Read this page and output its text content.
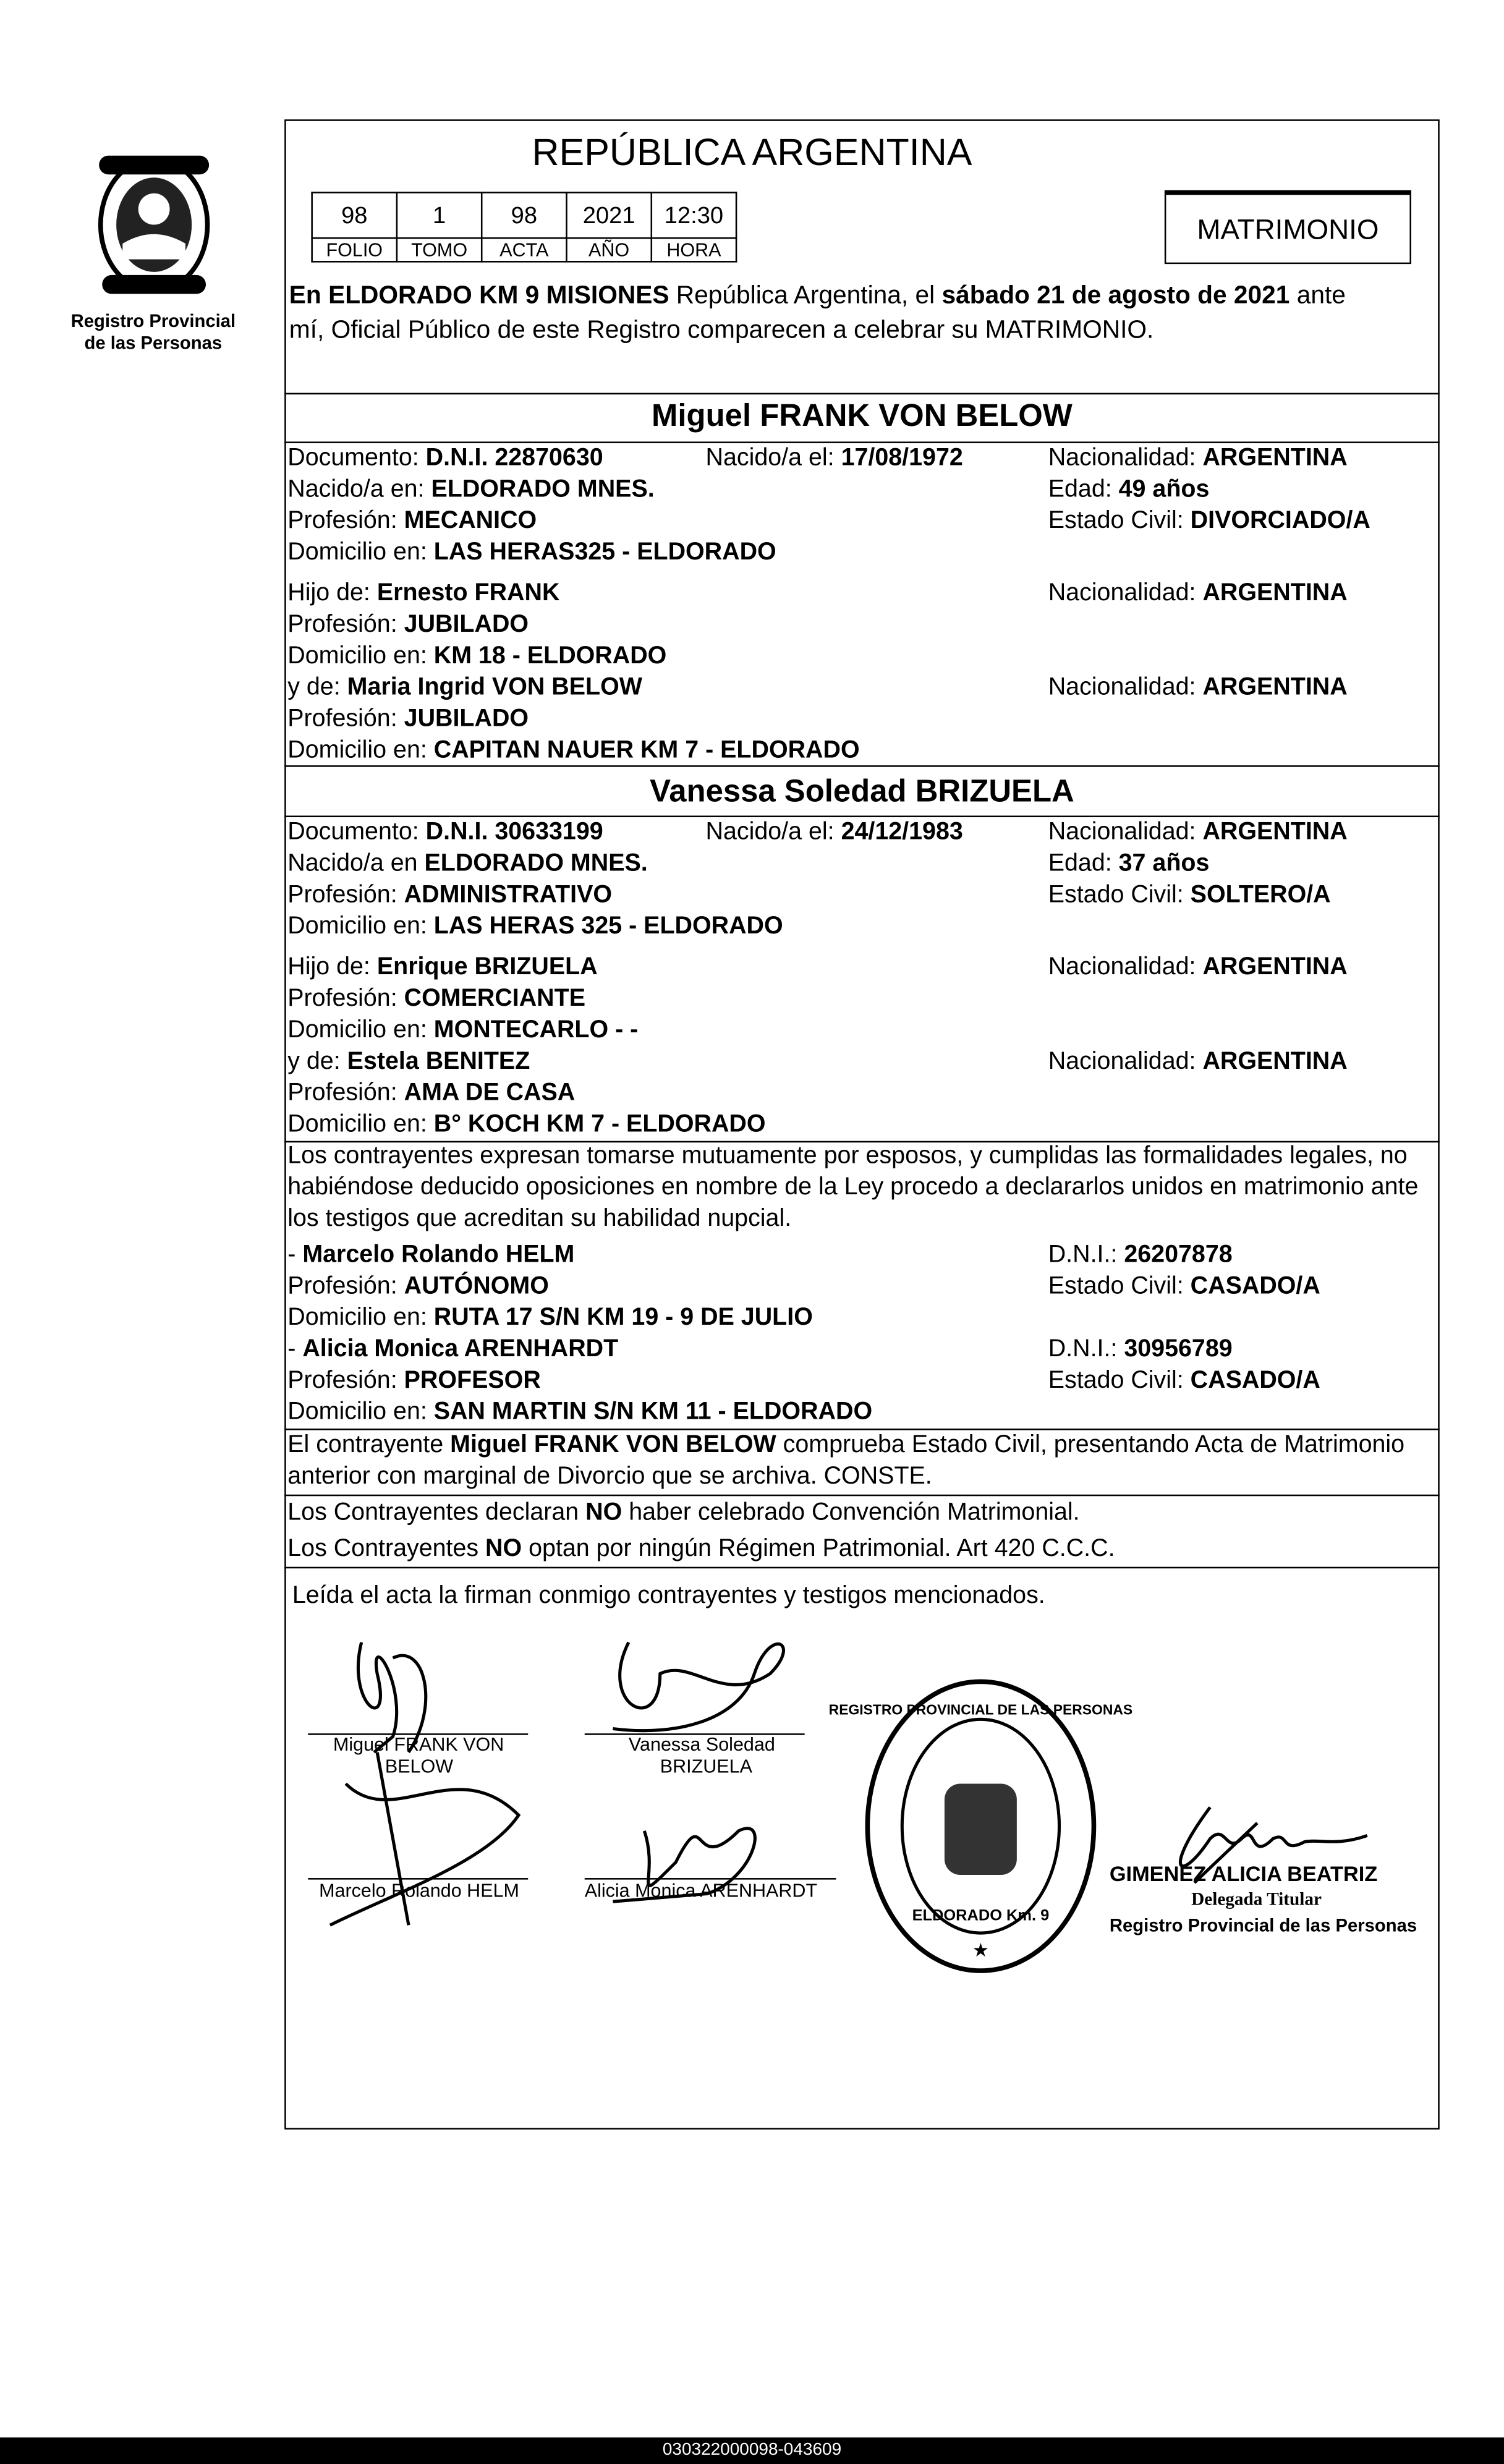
Registro Provincial
de las Personas
REPÚBLICA ARGENTINA
98	1	98	2021	12:30
FOLIO	TOMO	ACTA	AÑO	HORA
MATRIMONIO
En ELDORADO KM 9 MISIONES República Argentina, el sábado 21 de agosto de 2021 ante
mí, Oficial Público de este Registro comparecen a celebrar su MATRIMONIO.
Miguel FRANK VON BELOW
Documento: D.N.I. 22870630	Nacido/a el: 17/08/1972	Nacionalidad: ARGENTINA
Nacido/a en: ELDORADO MNES.	Edad: 49 años
Profesión: MECANICO	Estado Civil: DIVORCIADO/A
Domicilio en: LAS HERAS325 - ELDORADO
Hijo de: Ernesto FRANK	Nacionalidad: ARGENTINA
Profesión: JUBILADO
Domicilio en: KM 18 - ELDORADO
y de: Maria Ingrid VON BELOW	Nacionalidad: ARGENTINA
Profesión: JUBILADO
Domicilio en: CAPITAN NAUER KM 7 - ELDORADO
Vanessa Soledad BRIZUELA
Documento: D.N.I. 30633199	Nacido/a el: 24/12/1983	Nacionalidad: ARGENTINA
Nacido/a en ELDORADO MNES.	Edad: 37 años
Profesión: ADMINISTRATIVO	Estado Civil: SOLTERO/A
Domicilio en: LAS HERAS 325 - ELDORADO
Hijo de: Enrique BRIZUELA	Nacionalidad: ARGENTINA
Profesión: COMERCIANTE
Domicilio en: MONTECARLO - -
y de: Estela BENITEZ	Nacionalidad: ARGENTINA
Profesión: AMA DE CASA
Domicilio en: B° KOCH KM 7 - ELDORADO
Los contrayentes expresan tomarse mutuamente por esposos, y cumplidas las formalidades legales, no
habiéndose deducido oposiciones en nombre de la Ley procedo a declararlos unidos en matrimonio ante
los testigos que acreditan su habilidad nupcial.
- Marcelo Rolando HELM	D.N.I.: 26207878
Profesión: AUTÓNOMO	Estado Civil: CASADO/A
Domicilio en: RUTA 17 S/N KM 19 - 9 DE JULIO
- Alicia Monica ARENHARDT	D.N.I.: 30956789
Profesión: PROFESOR	Estado Civil: CASADO/A
Domicilio en: SAN MARTIN S/N KM 11 - ELDORADO
El contrayente Miguel FRANK VON BELOW comprueba Estado Civil, presentando Acta de Matrimonio
anterior con marginal de Divorcio que se archiva. CONSTE.
Los Contrayentes declaran NO haber celebrado Convención Matrimonial.
Los Contrayentes NO optan por ningún Régimen Patrimonial. Art 420 C.C.C.
Leída el acta la firman conmigo contrayentes y testigos mencionados.
Miguel FRANK VON
BELOW
Vanessa Soledad
BRIZUELA
Marcelo Rolando HELM	Alicia Monica ARENHARDT
REGISTRO PROVINCIAL DE LAS PERSONAS
ELDORADO Km. 9
★
GIMENEZ ALICIA BEATRIZ
Delegada Titular
Registro Provincial de las Personas
030322000098-043609
